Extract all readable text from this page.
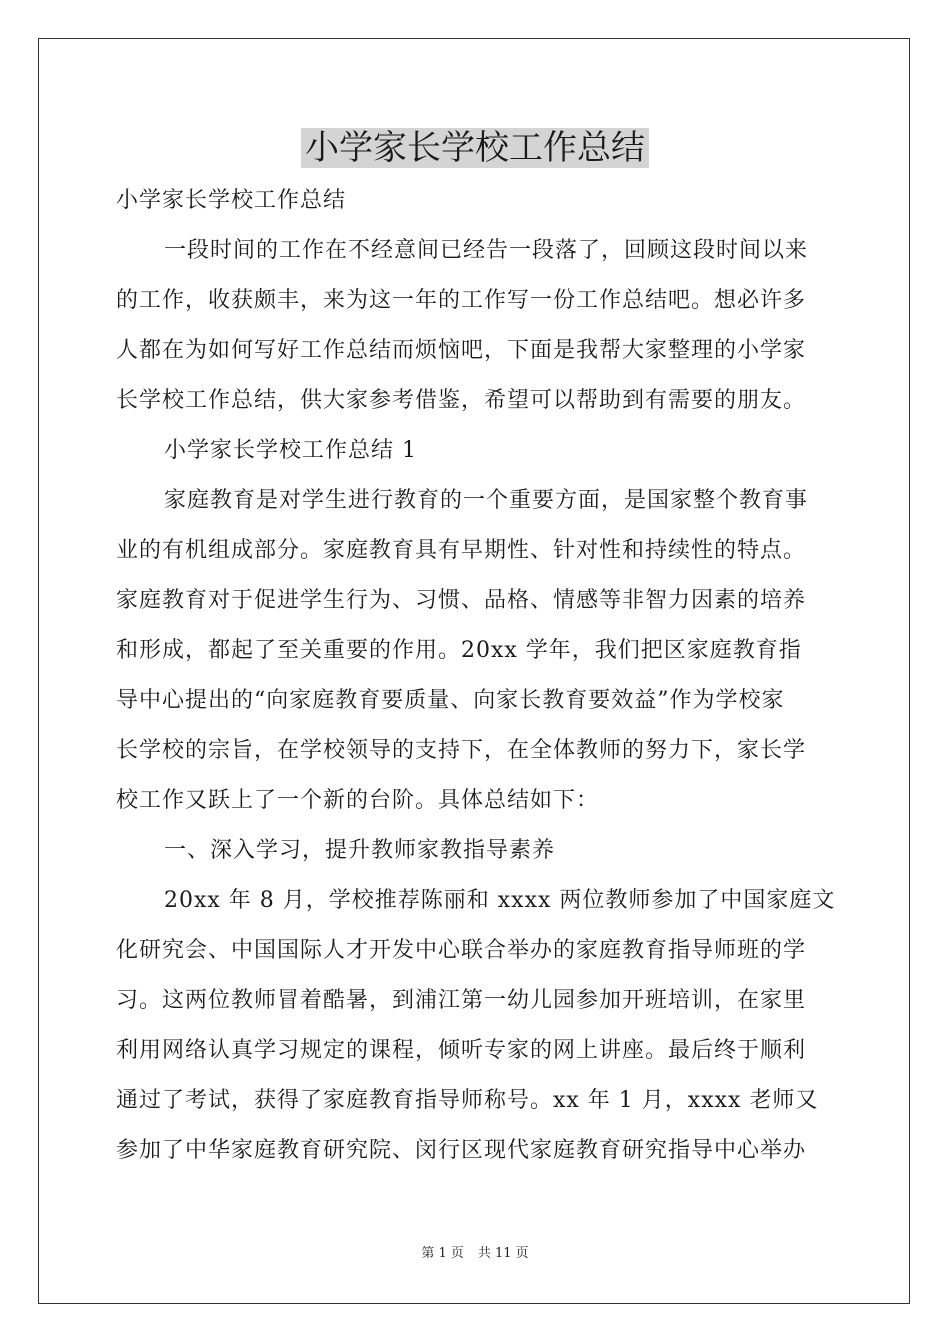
小学家长学校工作总结
小学家长学校工作总结
一段时间的工作在不经意间已经告一段落了，回顾这段时间以来
的工作，收获颇丰，来为这一年的工作写一份工作总结吧。想必许多
人都在为如何写好工作总结而烦恼吧，下面是我帮大家整理的小学家
长学校工作总结，供大家参考借鉴，希望可以帮助到有需要的朋友。
小学家长学校工作总结 1
家庭教育是对学生进行教育的一个重要方面，是国家整个教育事
业的有机组成部分。家庭教育具有早期性、针对性和持续性的特点。
家庭教育对于促进学生行为、习惯、品格、情感等非智力因素的培养
和形成，都起了至关重要的作用。20xx 学年，我们把区家庭教育指
导中心提出的“向家庭教育要质量、向家长教育要效益”作为学校家
长学校的宗旨，在学校领导的支持下，在全体教师的努力下，家长学
校工作又跃上了一个新的台阶。具体总结如下：
一、深入学习，提升教师家教指导素养
20xx 年 8 月，学校推荐陈丽和 xxxx 两位教师参加了中国家庭文
化研究会、中国国际人才开发中心联合举办的家庭教育指导师班的学
习。这两位教师冒着酷暑，到浦江第一幼儿园参加开班培训，在家里
利用网络认真学习规定的课程，倾听专家的网上讲座。最后终于顺利
通过了考试，获得了家庭教育指导师称号。xx 年 1 月，xxxx 老师又
参加了中华家庭教育研究院、闵行区现代家庭教育研究指导中心举办
第 1 页 共 11 页
